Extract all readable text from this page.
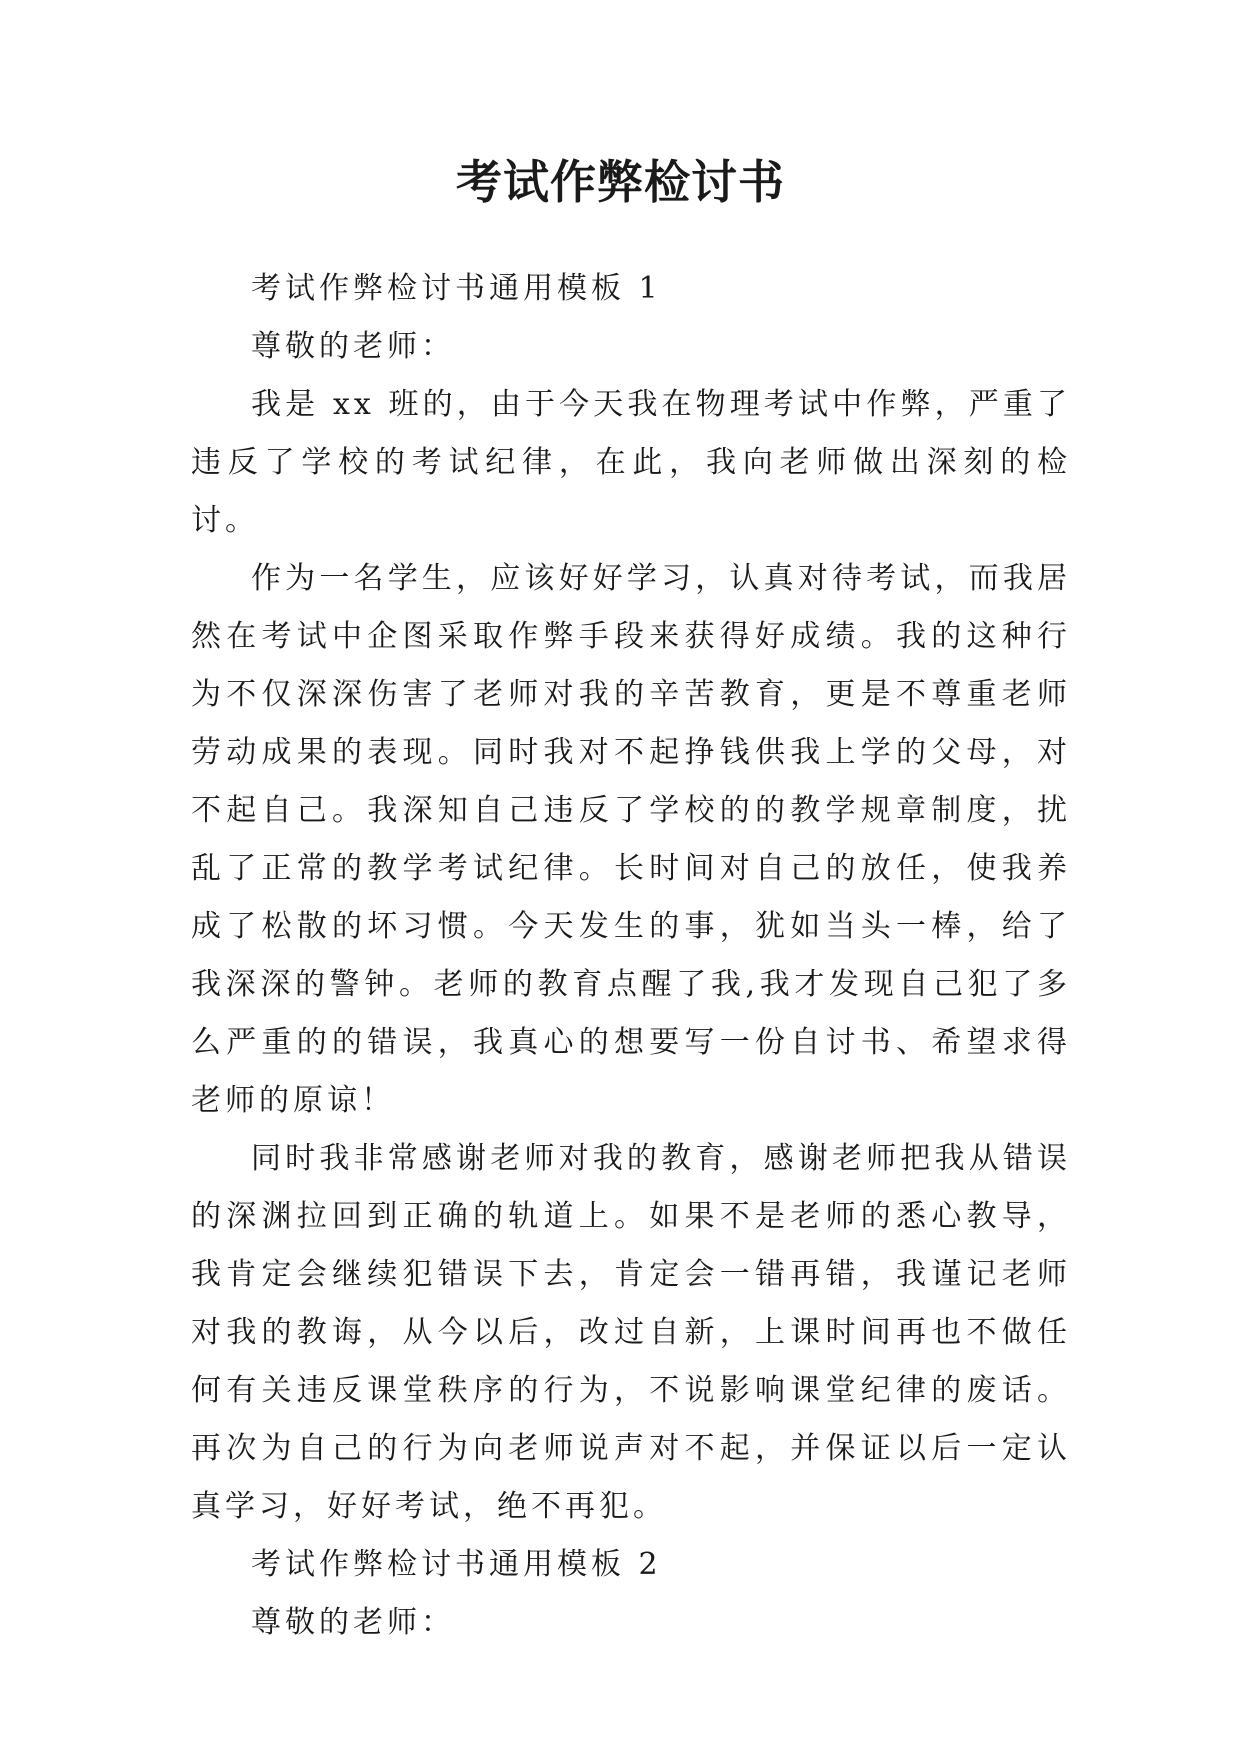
考试作弊检讨书

考试作弊检讨书通用模板 1

尊敬的老师：

我是 xx 班的，由于今天我在物理考试中作弊，严重了违反了学校的考试纪律，在此，我向老师做出深刻的检讨。

作为一名学生，应该好好学习，认真对待考试，而我居然在考试中企图采取作弊手段来获得好成绩。我的这种行为不仅深深伤害了老师对我的辛苦教育，更是不尊重老师劳动成果的表现。同时我对不起挣钱供我上学的父母，对不起自己。我深知自己违反了学校的的教学规章制度，扰乱了正常的教学考试纪律。长时间对自己的放任，使我养成了松散的坏习惯。今天发生的事，犹如当头一棒，给了我深深的警钟。老师的教育点醒了我,我才发现自己犯了多么严重的的错误，我真心的想要写一份自讨书、希望求得老师的原谅！

同时我非常感谢老师对我的教育，感谢老师把我从错误的深渊拉回到正确的轨道上。如果不是老师的悉心教导，我肯定会继续犯错误下去，肯定会一错再错，我谨记老师对我的教诲，从今以后，改过自新，上课时间再也不做任何有关违反课堂秩序的行为，不说影响课堂纪律的废话。再次为自己的行为向老师说声对不起，并保证以后一定认真学习，好好考试，绝不再犯。

考试作弊检讨书通用模板 2

尊敬的老师：
